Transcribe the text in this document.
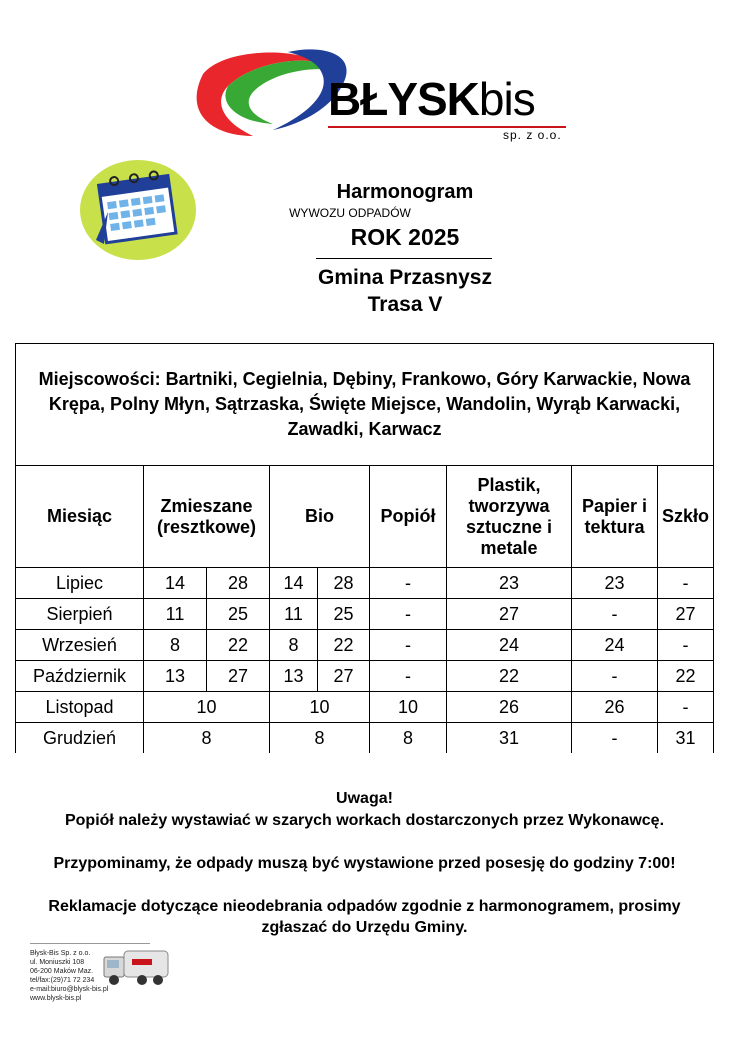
BŁYSKbis
sp. z o.o.
Harmonogram
WYWOZU ODPADÓW
ROK 2025
Gmina Przasnysz
Trasa V
Miejscowości: Bartniki, Cegielnia, Dębiny, Frankowo, Góry Karwackie, Nowa Krępa, Polny Młyn, Sątrzaska, Święte Miejsce, Wandolin, Wyrąb Karwacki, Zawadki, Karwacz								
Miesiąc	Zmieszane (resztkowe)		Bio		Popiół	Plastik, tworzywa sztuczne i metale	Papier i tektura	Szkło
Lipiec	14	28	14	28	-	23	23	-
Sierpień	11	25	11	25	-	27	-	27
Wrzesień	8	22	8	22	-	24	24	-
Październik	13	27	13	27	-	22	-	22
Listopad	10		10		10	26	26	-
Grudzień	8		8		8	31	-	31
Uwaga!
Popiół należy wystawiać w szarych workach dostarczonych przez Wykonawcę.
Przypominamy, że odpady muszą być wystawione przed posesję do godziny 7:00!
Reklamacje dotyczące nieodebrania odpadów zgodnie z harmonogramem, prosimy
zgłaszać do Urzędu Gminy.
Błysk-Bis Sp. z o.o.
ul. Moniuszki 108
06-200 Maków Maz.
tel/fax:(29)71 72 234
e-mail:biuro@blysk-bis.pl
www.blysk-bis.pl
